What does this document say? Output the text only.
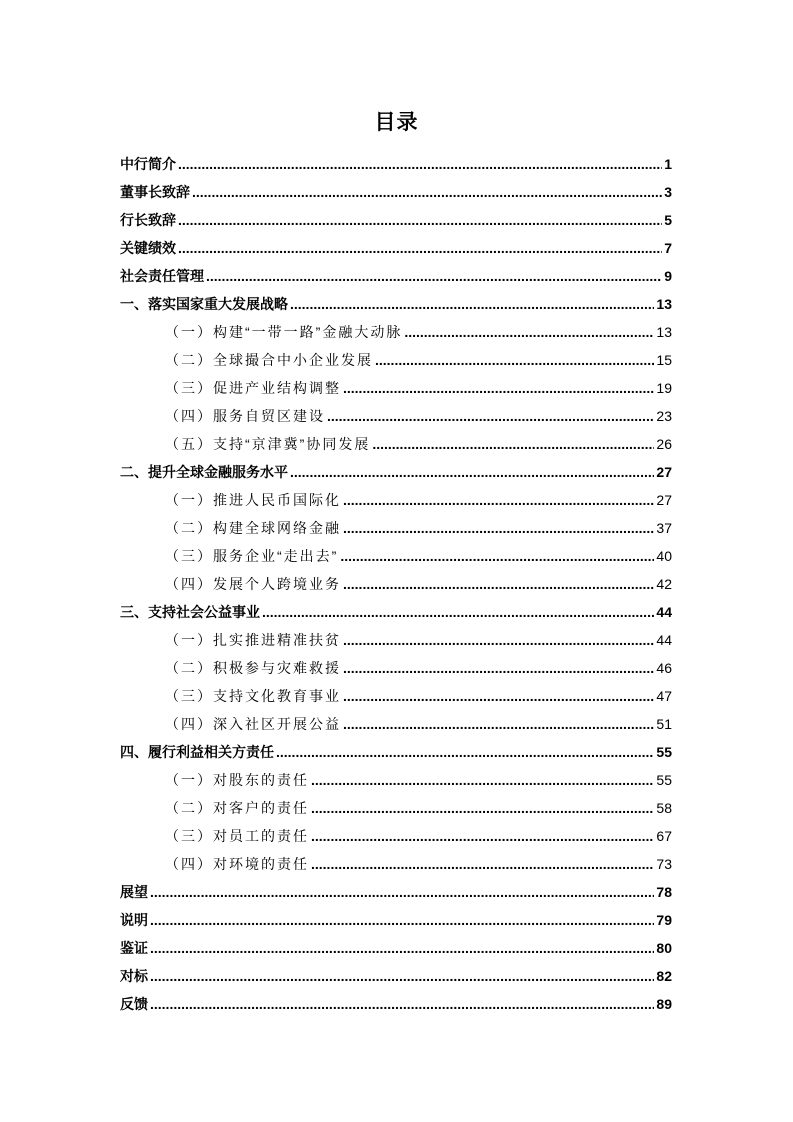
目录
中行简介 .....	1
董事长致辞 .....	3
行长致辞 .....	5
关键绩效 .....	7
社会责任管理 .....	9
一、落实国家重大发展战略 .....	13
（一）构建“一带一路”金融大动脉 .....	13
（二）全球撮合中小企业发展 .....	15
（三）促进产业结构调整 .....	19
（四）服务自贸区建设 .....	23
（五）支持“京津冀”协同发展 .....	26
二、提升全球金融服务水平 .....	27
（一）推进人民币国际化 .....	27
（二）构建全球网络金融 .....	37
（三）服务企业“走出去” .....	40
（四）发展个人跨境业务 .....	42
三、支持社会公益事业 .....	44
（一）扎实推进精准扶贫 .....	44
（二）积极参与灾难救援 .....	46
（三）支持文化教育事业 .....	47
（四）深入社区开展公益 .....	51
四、履行利益相关方责任 .....	55
（一）对股东的责任 .....	55
（二）对客户的责任 .....	58
（三）对员工的责任 .....	67
（四）对环境的责任 .....	73
展望 .....	78
说明 .....	79
鉴证 .....	80
对标 .....	82
反馈 .....	89
